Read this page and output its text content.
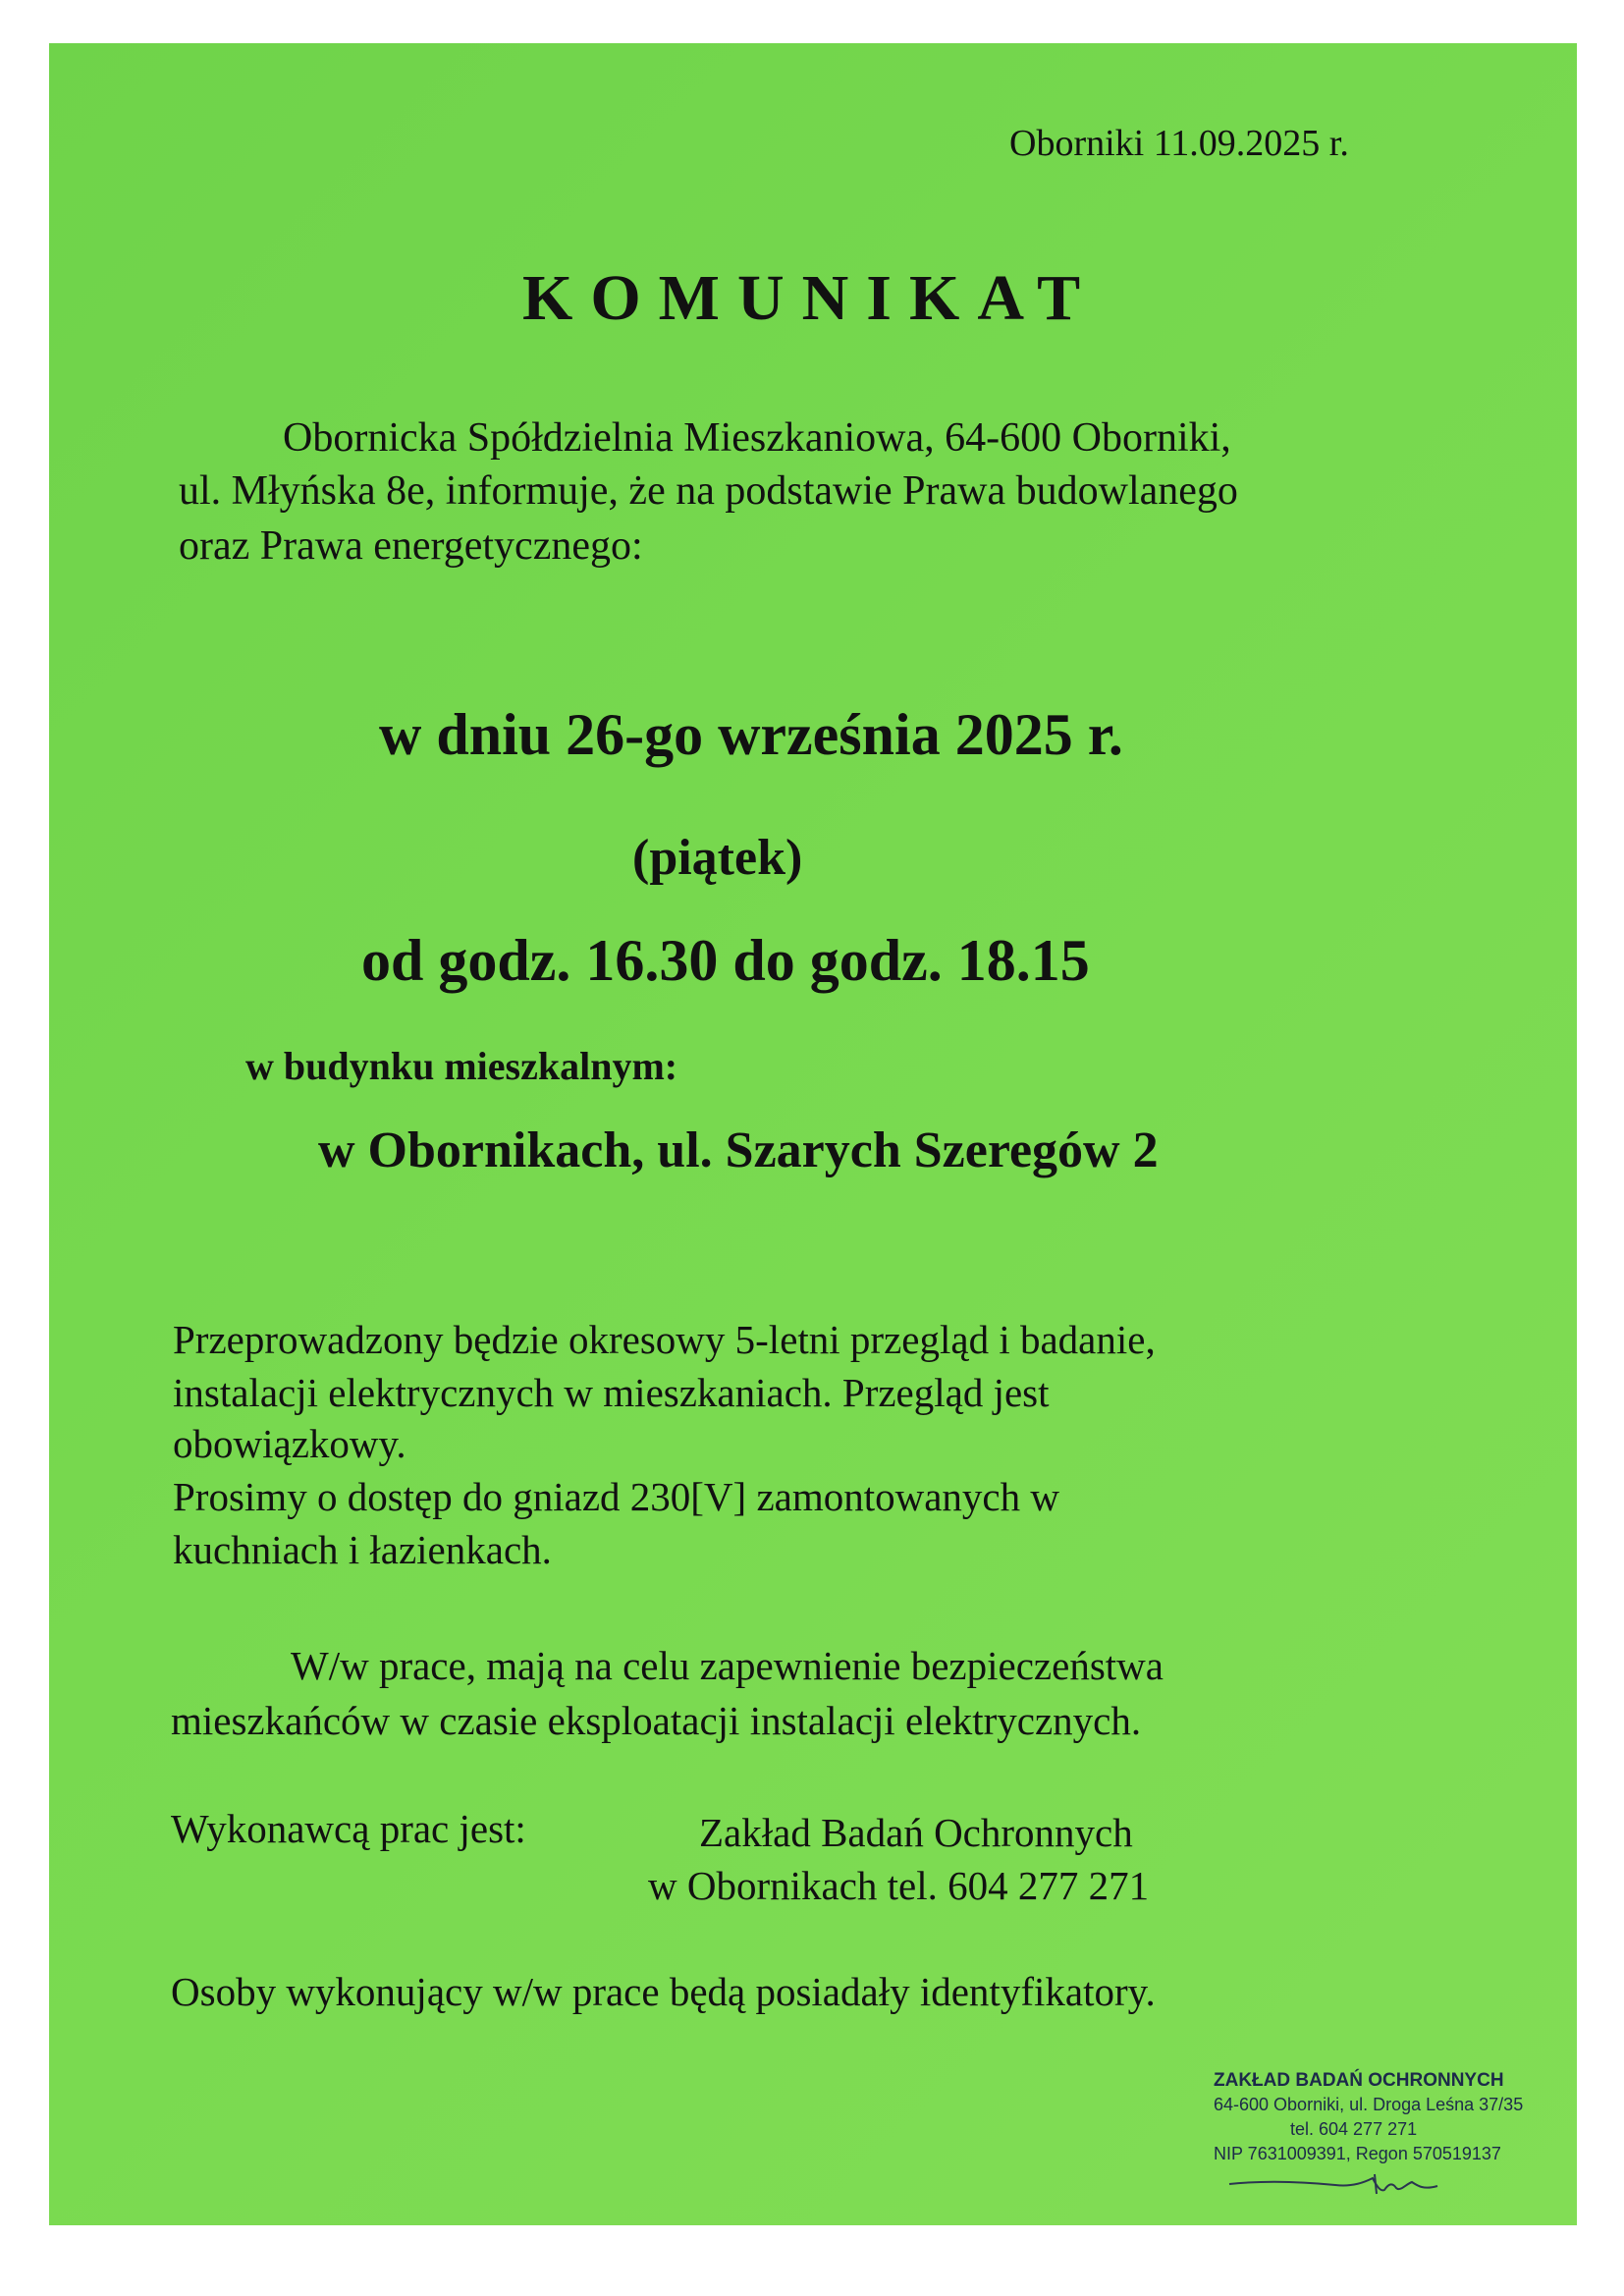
Oborniki 11.09.2025 r.
KOMUNIKAT
Obornicka Spółdzielnia Mieszkaniowa, 64-600 Oborniki,
ul. Młyńska 8e, informuje, że na podstawie Prawa budowlanego
oraz Prawa energetycznego:
w dniu 26-go września 2025 r.
(piątek)
od godz. 16.30 do godz. 18.15
w budynku mieszkalnym:
w Obornikach, ul. Szarych Szeregów 2
Przeprowadzony będzie okresowy 5-letni przegląd i badanie,
instalacji elektrycznych w mieszkaniach. Przegląd jest
obowiązkowy.
Prosimy o dostęp do gniazd 230[V] zamontowanych w
kuchniach i łazienkach.
W/w prace, mają na celu zapewnienie bezpieczeństwa
mieszkańców w czasie eksploatacji instalacji elektrycznych.
Wykonawcą prac jest:	Zakład Badań Ochronnych
w Obornikach tel. 604 277 271
Osoby wykonujący w/w prace będą posiadały identyfikatory.
ZAKŁAD BADAŃ OCHRONNYCH
64-600 Oborniki, ul. Droga Leśna 37/35
tel. 604 277 271
NIP 7631009391, Regon 570519137
